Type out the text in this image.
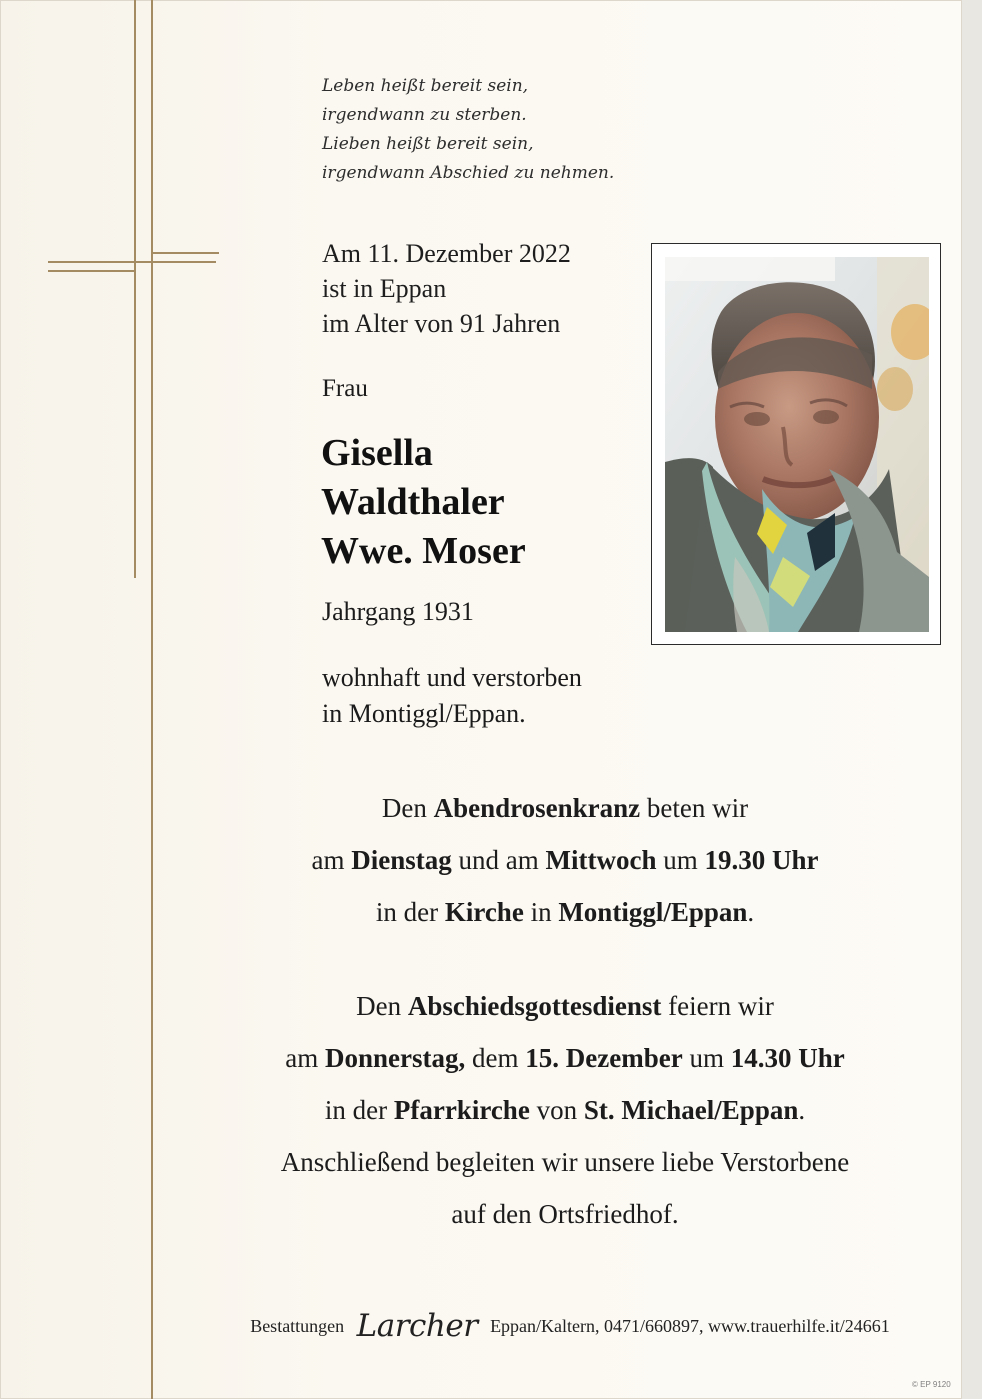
Leben heißt bereit sein,
irgendwann zu sterben.
Lieben heißt bereit sein,
irgendwann Abschied zu nehmen.
Am 11. Dezember 2022
ist in Eppan
im Alter von 91 Jahren
Frau
Gisella
Waldthaler
Wwe. Moser
Jahrgang 1931
wohnhaft und verstorben
in Montiggl/Eppan.
Den Abendrosenkranz beten wir
am Dienstag und am Mittwoch um 19.30 Uhr
in der Kirche in Montiggl/Eppan.
Den Abschiedsgottesdienst feiern wir
am Donnerstag, dem 15. Dezember um 14.30 Uhr
in der Pfarrkirche von St. Michael/Eppan.
Anschließend begleiten wir unsere liebe Verstorbene
auf den Ortsfriedhof.
Bestattungen Larcher Eppan/Kaltern, 0471/660897, www.trauerhilfe.it/24661
© EP 9120
